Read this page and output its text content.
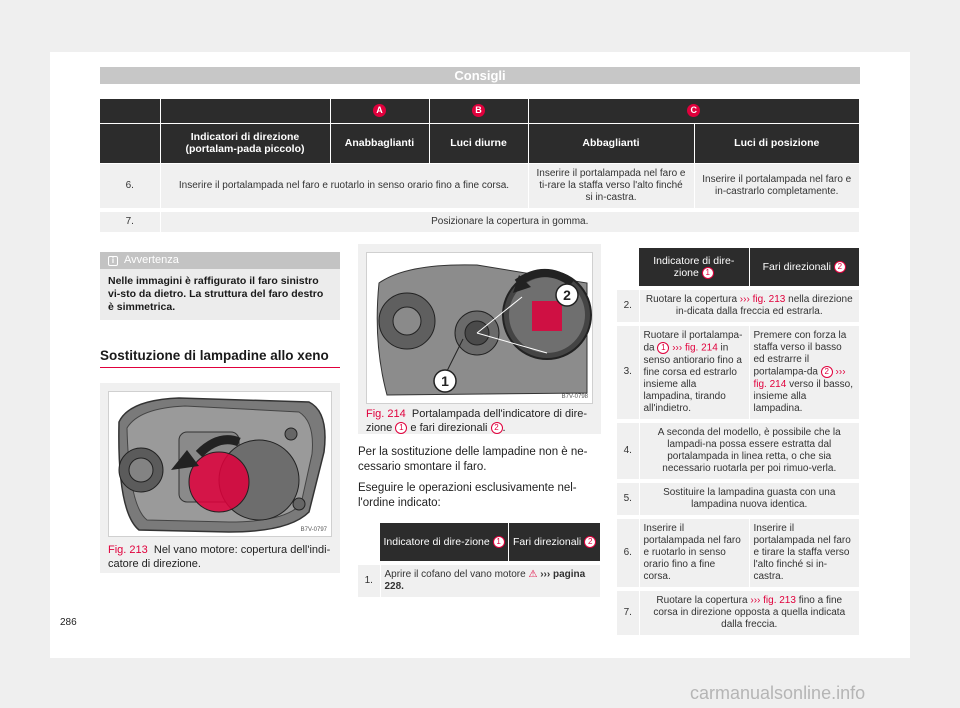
Consigli
		A	B	C	
	Indicatori di direzione (portalam-pada piccolo)	Anabbaglianti	Luci diurne	Abbaglianti	Luci di posizione
6.	Inserire il portalampada nel faro e ruotarlo in senso orario fino a fine corsa.			Inserire il portalampada nel faro e ti-rare la staffa verso l'alto finché si in-castra.	Inserire il portalampada nel faro e in-castrarlo completamente.
7.	Posizionare la copertura in gomma.				
i Avvertenza
Nelle immagini è raffigurato il faro sinistro vi-sto da dietro. La struttura del faro destro è simmetrica.
Sostituzione di lampadine allo xeno
B7V-0797
Fig. 213 Nel vano motore: copertura dell'indi-catore di direzione.
2
1
B7V-0798
Fig. 214 Portalampada dell'indicatore di dire-zione 1 e fari direzionali 2 .

Per la sostituzione delle lampadine non è ne-cessario smontare il faro.

Eseguire le operazioni esclusivamente nel-l'ordine indicato:

	Indicatore di dire-zione 1	Fari direzionali 2
1.	Aprire il cofano del vano motore ⚠ ››› pagina 228.	
	Indicatore di dire-zione 1	Fari direzionali 2
2.	Ruotare la copertura ››› fig. 213 nella direzione in-dicata dalla freccia ed estrarla.	
3.	Ruotare il portalampa-da 1 ››› fig. 214 in senso antiorario fino a fine corsa ed estrarlo insieme alla lampadina, tirando all'indietro.	Premere con forza la staffa verso il basso ed estrarre il portalampa-da 2 ››› fig. 214 verso il basso, insieme alla lampadina.
4.	A seconda del modello, è possibile che la lampadi-na possa essere estratta dal portalampada in linea retta, o che sia necessario ruotarla per poi rimuo-verla.	
5.	Sostituire la lampadina guasta con una lampadina nuova identica.	
6.	Inserire il portalampada nel faro e ruotarlo in senso orario fino a fine corsa.	Inserire il portalampada nel faro e tirare la staffa verso l'alto finché si in-castra.
7.	Ruotare la copertura ››› fig. 213 fino a fine corsa in direzione opposta a quella indicata dalla freccia.	
286
carmanualsonline.info
